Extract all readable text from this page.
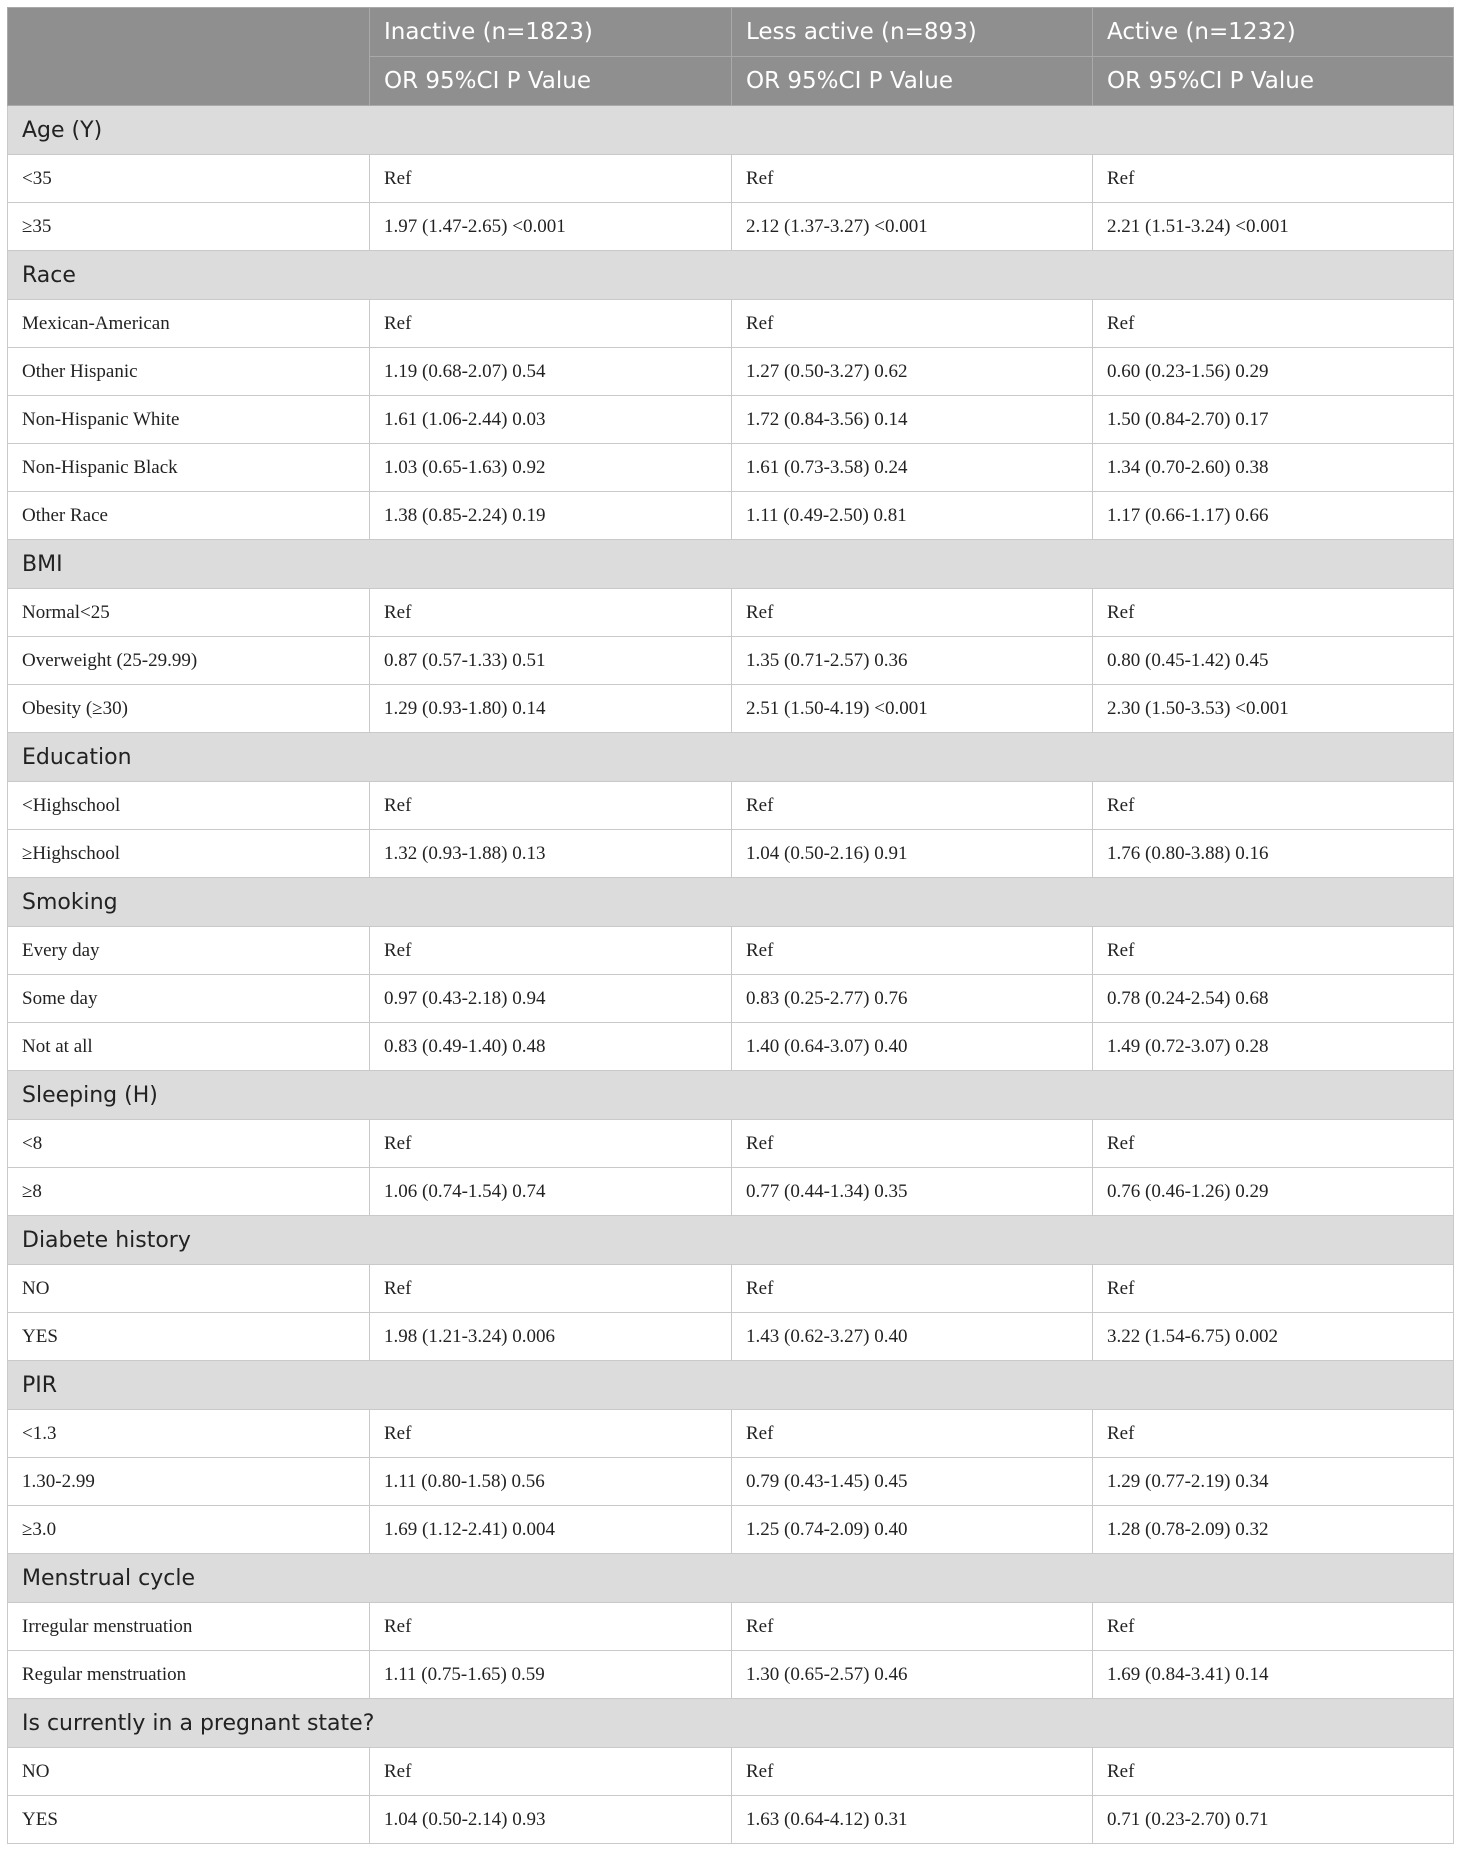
	Inactive (n=1823)	Less active (n=893)	Active (n=1232)
	OR 95%CI P Value	OR 95%CI P Value	OR 95%CI P Value
Age (Y)			
<35	Ref	Ref	Ref
≥35	1.97 (1.47-2.65) <0.001	2.12 (1.37-3.27) <0.001	2.21 (1.51-3.24) <0.001
Race			
Mexican-American	Ref	Ref	Ref
Other Hispanic	1.19 (0.68-2.07) 0.54	1.27 (0.50-3.27) 0.62	0.60 (0.23-1.56) 0.29
Non-Hispanic White	1.61 (1.06-2.44) 0.03	1.72 (0.84-3.56) 0.14	1.50 (0.84-2.70) 0.17
Non-Hispanic Black	1.03 (0.65-1.63) 0.92	1.61 (0.73-3.58) 0.24	1.34 (0.70-2.60) 0.38
Other Race	1.38 (0.85-2.24) 0.19	1.11 (0.49-2.50) 0.81	1.17 (0.66-1.17) 0.66
BMI			
Normal<25	Ref	Ref	Ref
Overweight (25-29.99)	0.87 (0.57-1.33) 0.51	1.35 (0.71-2.57) 0.36	0.80 (0.45-1.42) 0.45
Obesity (≥30)	1.29 (0.93-1.80) 0.14	2.51 (1.50-4.19) <0.001	2.30 (1.50-3.53) <0.001
Education			
<Highschool	Ref	Ref	Ref
≥Highschool	1.32 (0.93-1.88) 0.13	1.04 (0.50-2.16) 0.91	1.76 (0.80-3.88) 0.16
Smoking			
Every day	Ref	Ref	Ref
Some day	0.97 (0.43-2.18) 0.94	0.83 (0.25-2.77) 0.76	0.78 (0.24-2.54) 0.68
Not at all	0.83 (0.49-1.40) 0.48	1.40 (0.64-3.07) 0.40	1.49 (0.72-3.07) 0.28
Sleeping (H)			
<8	Ref	Ref	Ref
≥8	1.06 (0.74-1.54) 0.74	0.77 (0.44-1.34) 0.35	0.76 (0.46-1.26) 0.29
Diabete history			
NO	Ref	Ref	Ref
YES	1.98 (1.21-3.24) 0.006	1.43 (0.62-3.27) 0.40	3.22 (1.54-6.75) 0.002
PIR			
<1.3	Ref	Ref	Ref
1.30-2.99	1.11 (0.80-1.58) 0.56	0.79 (0.43-1.45) 0.45	1.29 (0.77-2.19) 0.34
≥3.0	1.69 (1.12-2.41) 0.004	1.25 (0.74-2.09) 0.40	1.28 (0.78-2.09) 0.32
Menstrual cycle			
Irregular menstruation	Ref	Ref	Ref
Regular menstruation	1.11 (0.75-1.65) 0.59	1.30 (0.65-2.57) 0.46	1.69 (0.84-3.41) 0.14
Is currently in a pregnant state?			
NO	Ref	Ref	Ref
YES	1.04 (0.50-2.14) 0.93	1.63 (0.64-4.12) 0.31	0.71 (0.23-2.70) 0.71
